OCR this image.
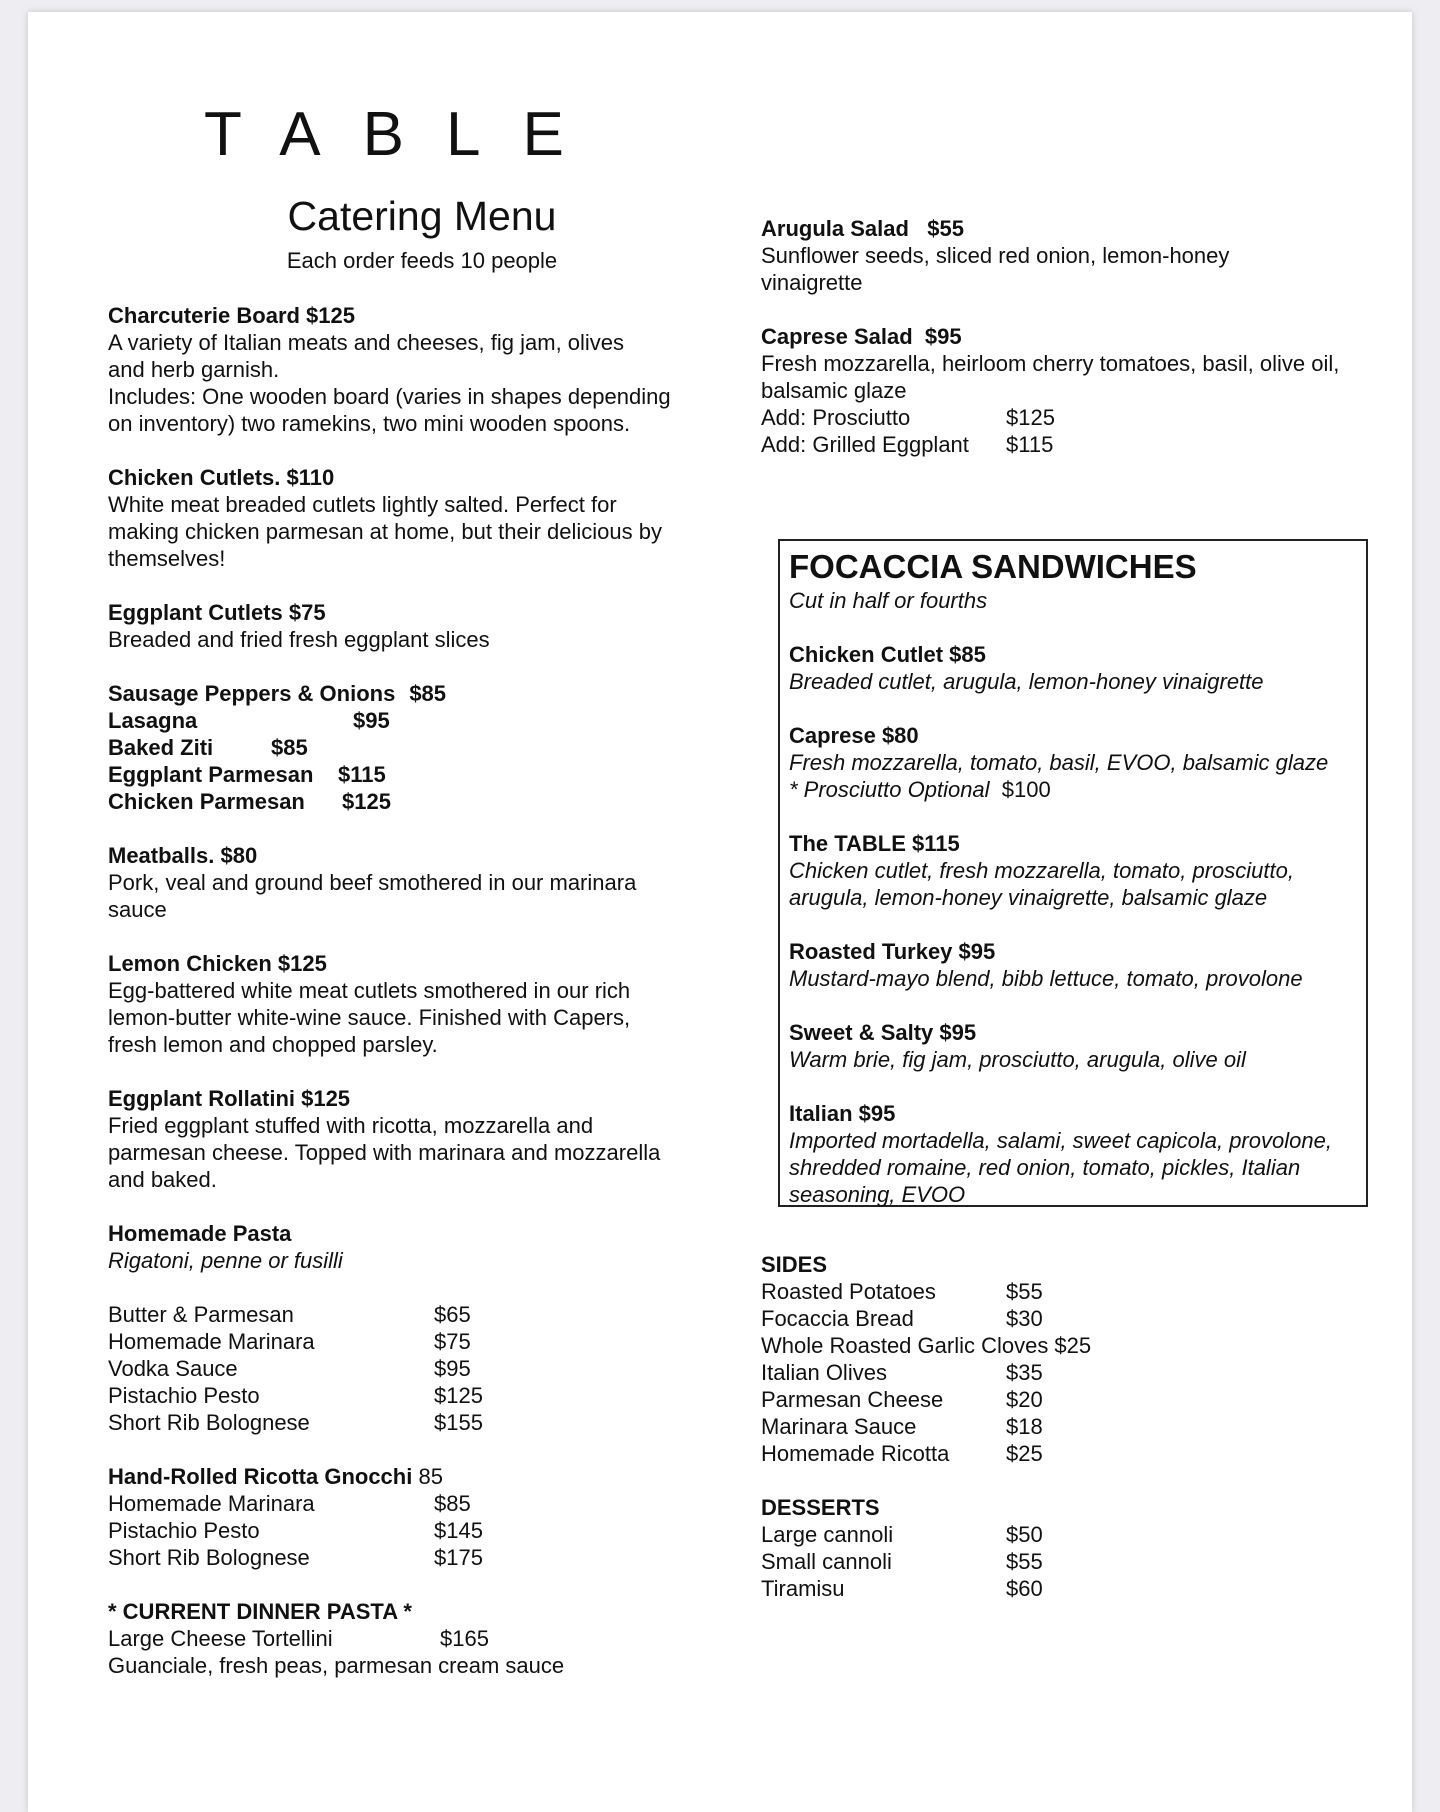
TABLE
Catering Menu
Each order feeds 10 people
Charcuterie Board $125
A variety of Italian meats and cheeses, fig jam, olives and herb garnish.
Includes: One wooden board (varies in shapes depending on inventory) two ramekins, two mini wooden spoons.
Chicken Cutlets. $110
White meat breaded cutlets lightly salted. Perfect for making chicken parmesan at home, but their delicious by themselves!
Eggplant Cutlets $75
Breaded and fried fresh eggplant slices
Sausage Peppers & Onions $85
Lasagna	$95
Baked Ziti	$85
Eggplant Parmesan	$115
Chicken Parmesan	$125
Meatballs. $80
Pork, veal and ground beef smothered in our marinara sauce
Lemon Chicken $125
Egg-battered white meat cutlets smothered in our rich lemon-butter white-wine sauce. Finished with Capers, fresh lemon and chopped parsley.
Eggplant Rollatini $125
Fried eggplant stuffed with ricotta, mozzarella and parmesan cheese. Topped with marinara and mozzarella and baked.
Homemade Pasta
Rigatoni, penne or fusilli
Butter & Parmesan	$65
Homemade Marinara	$75
Vodka Sauce	$95
Pistachio Pesto	$125
Short Rib Bolognese	$155
Hand-Rolled Ricotta Gnocchi 85
Homemade Marinara	$85
Pistachio Pesto	$145
Short Rib Bolognese	$175
* CURRENT DINNER PASTA *
Large Cheese Tortellini	$165
Guanciale, fresh peas, parmesan cream sauce
Arugula Salad   $55
Sunflower seeds, sliced red onion, lemon-honey vinaigrette
Caprese Salad  $95
Fresh mozzarella, heirloom cherry tomatoes, basil, olive oil, balsamic glaze
Add: Prosciutto	$125
Add: Grilled Eggplant	$115
FOCACCIA SANDWICHES
Cut in half or fourths
Chicken Cutlet $85
Breaded cutlet, arugula, lemon-honey vinaigrette
Caprese $80
Fresh mozzarella, tomato, basil, EVOO, balsamic glaze
* Prosciutto Optional $100
The TABLE $115
Chicken cutlet, fresh mozzarella, tomato, prosciutto, arugula, lemon-honey vinaigrette, balsamic glaze
Roasted Turkey $95
Mustard-mayo blend, bibb lettuce, tomato, provolone
Sweet & Salty $95
Warm brie, fig jam, prosciutto, arugula, olive oil
Italian $95
Imported mortadella, salami, sweet capicola, provolone, shredded romaine, red onion, tomato, pickles, Italian seasoning, EVOO
SIDES
Roasted Potatoes	$55
Focaccia Bread	$30
Whole Roasted Garlic Cloves $25
Italian Olives	$35
Parmesan Cheese	$20
Marinara Sauce	$18
Homemade Ricotta	$25
DESSERTS
Large cannoli	$50
Small cannoli	$55
Tiramisu	$60
